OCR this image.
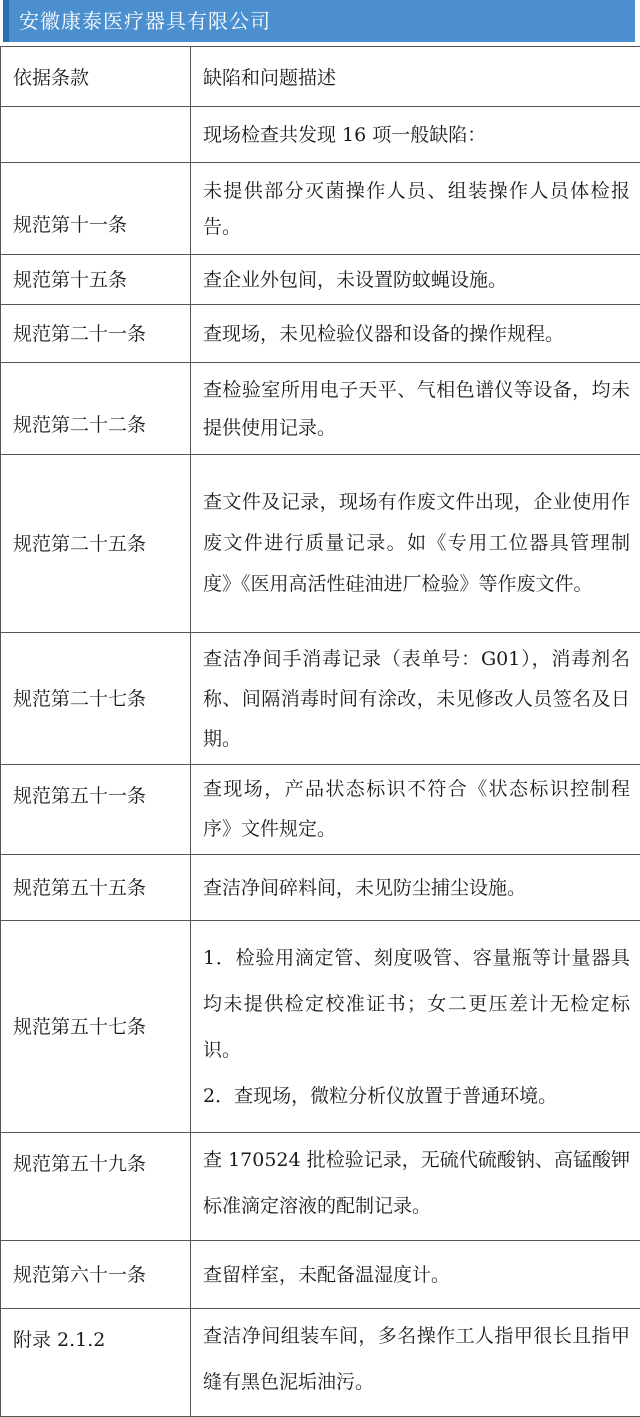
安徽康泰医疗器具有限公司
依据条款	缺陷和问题描述

	现场检查共发现 16 项一般缺陷：

规范第十一条	未提供部分灭菌操作人员、组装操作人员体检报告。

规范第十五条	查企业外包间，未设置防蚊蝇设施。

规范第二十一条	查现场，未见检验仪器和设备的操作规程。

规范第二十二条	查检验室所用电子天平、气相色谱仪等设备，均未提供使用记录。

规范第二十五条	查文件及记录，现场有作废文件出现，企业使用作废文件进行质量记录。如《专用工位器具管理制度》《医用高活性硅油进厂检验》等作废文件。

规范第二十七条	查洁净间手消毒记录（表单号：G01），消毒剂名称、间隔消毒时间有涂改，未见修改人员签名及日期。

规范第五十一条	查现场，产品状态标识不符合《状态标识控制程序》文件规定。

规范第五十五条	查洁净间碎料间，未见防尘捕尘设施。

规范第五十七条	1．检验用滴定管、刻度吸管、容量瓶等计量器具均未提供检定校准证书；女二更压差计无检定标识。
2．查现场，微粒分析仪放置于普通环境。

规范第五十九条	查 170524 批检验记录，无硫代硫酸钠、高锰酸钾标准滴定溶液的配制记录。

规范第六十一条	查留样室，未配备温湿度计。

附录 2.1.2	查洁净间组装车间，多名操作工人指甲很长且指甲缝有黑色泥垢油污。
